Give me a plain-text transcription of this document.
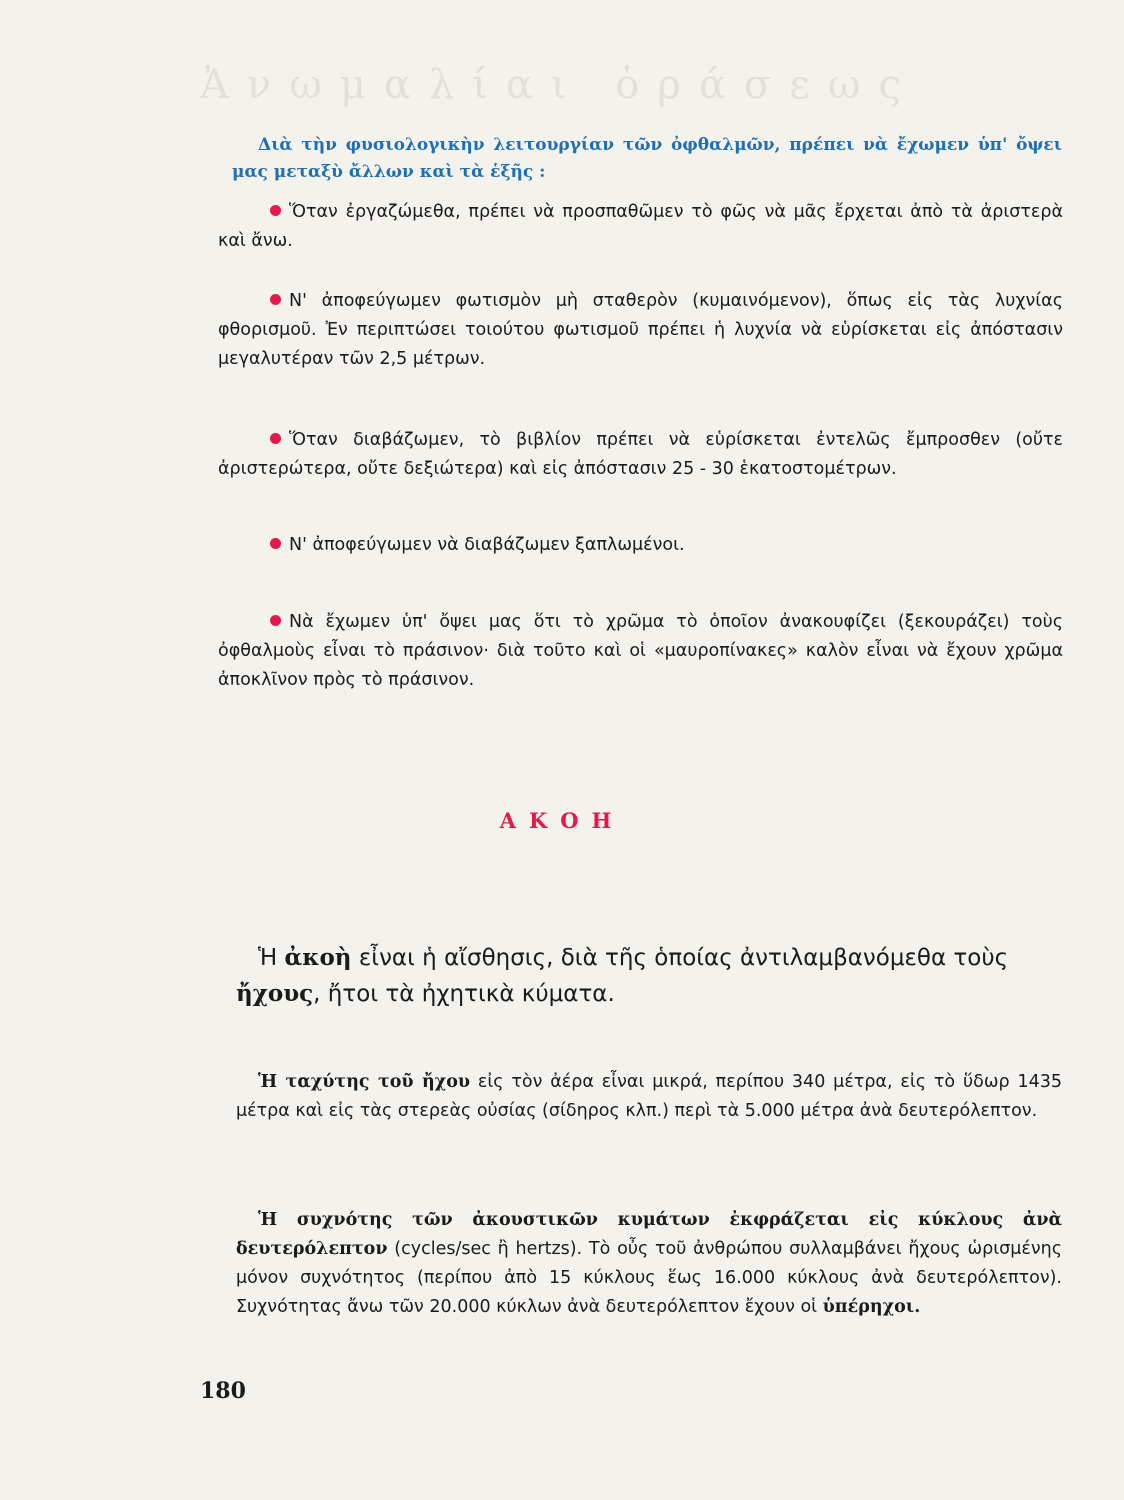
Ἀνωμαλίαι ὁράσεως
Διὰ τὴν φυσιολογικὴν λειτουργίαν τῶν ὀφθαλμῶν, πρέπει νὰ ἔχωμεν ὑπ' ὄψει μας μεταξὺ ἄλλων καὶ τὰ ἑξῆς :
Ὅταν ἐργαζώμεθα, πρέπει νὰ προσπαθῶμεν τὸ φῶς νὰ μᾶς ἔρχεται ἀπὸ τὰ ἀριστερὰ καὶ ἄνω.
Ν' ἀποφεύγωμεν φωτισμὸν μὴ σταθερὸν (κυμαινόμενον), ὅπως εἰς τὰς λυχνίας φθορισμοῦ. Ἐν περιπτώσει τοιούτου φωτισμοῦ πρέπει ἡ λυχνία νὰ εὑρίσκεται εἰς ἀπόστασιν μεγαλυτέραν τῶν 2,5 μέτρων.
Ὅταν διαβάζωμεν, τὸ βιβλίον πρέπει νὰ εὑρίσκεται ἐντελῶς ἔμπροσθεν (οὔτε ἀριστερώτερα, οὔτε δεξιώτερα) καὶ εἰς ἀπόστασιν 25 - 30 ἑκατοστομέτρων.
Ν' ἀποφεύγωμεν νὰ διαβάζωμεν ξαπλωμένοι.
Νὰ ἔχωμεν ὑπ' ὄψει μας ὅτι τὸ χρῶμα τὸ ὁποῖον ἀνακουφίζει (ξεκουράζει) τοὺς ὀφθαλμοὺς εἶναι τὸ πράσινον· διὰ τοῦτο καὶ οἱ «μαυροπίνακες» καλὸν εἶναι νὰ ἔχουν χρῶμα ἀποκλῖνον πρὸς τὸ πράσινον.
ΑΚΟΗ
Ἡ ἀκοὴ εἶναι ἡ αἴσθησις, διὰ τῆς ὁποίας ἀντιλαμβανόμεθα τοὺς ἤχους, ἤτοι τὰ ἠχητικὰ κύματα.
Ἡ ταχύτης τοῦ ἤχου εἰς τὸν ἀέρα εἶναι μικρά, περίπου 340 μέτρα, εἰς τὸ ὕδωρ 1435 μέτρα καὶ εἰς τὰς στερεὰς οὐσίας (σίδηρος κλπ.) περὶ τὰ 5.000 μέτρα ἀνὰ δευτερόλεπτον.
Ἡ συχνότης τῶν ἀκουστικῶν κυμάτων ἐκφράζεται εἰς κύκλους ἀνὰ δευτερόλεπτον (cycles/sec ἢ hertzs). Τὸ οὖς τοῦ ἀνθρώπου συλλαμβάνει ἤχους ὡρισμένης μόνον συχνότητος (περίπου ἀπὸ 15 κύκλους ἕως 16.000 κύκλους ἀνὰ δευτερόλεπτον). Συχνότητας ἄνω τῶν 20.000 κύκλων ἀνὰ δευτερόλεπτον ἔχουν οἱ ὑπέρηχοι.
180
